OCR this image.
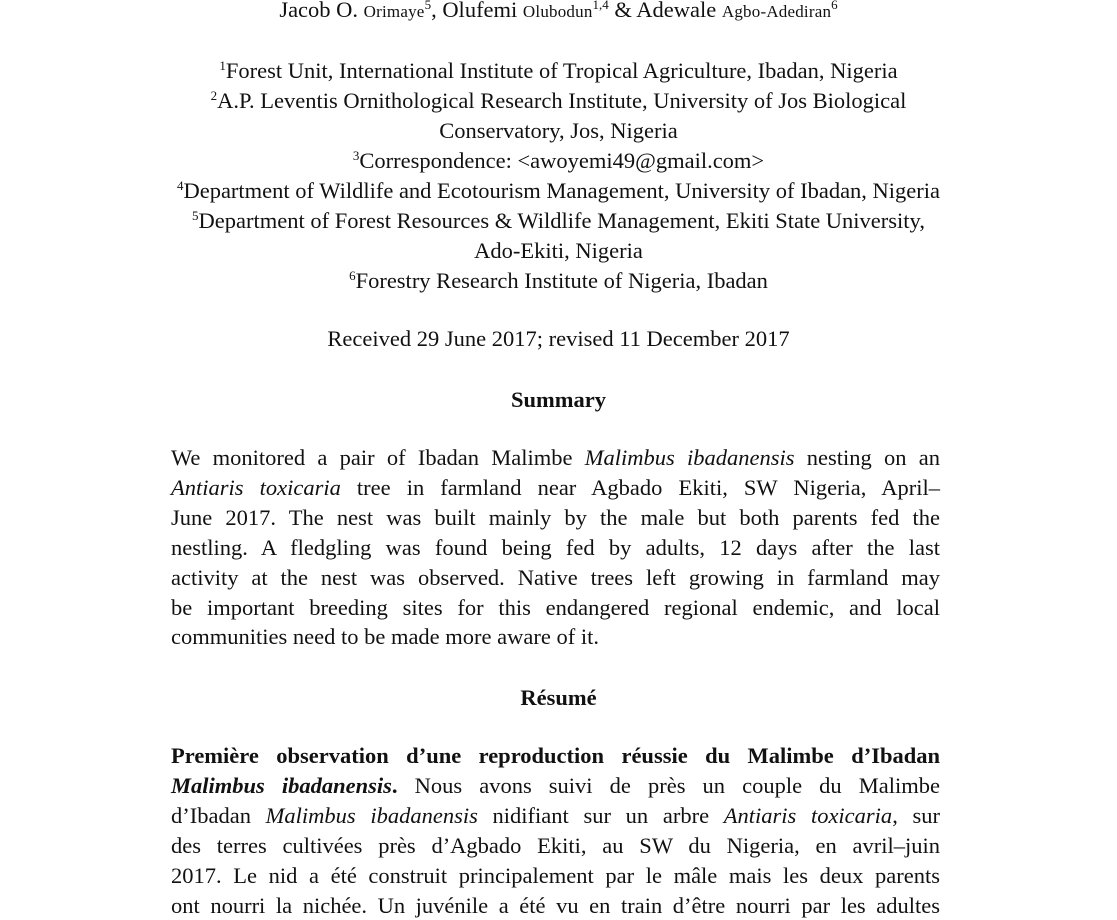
Jacob O. Orimaye$^5$, Olufemi Olubodun$^{1,4}$ & Adewale Agbo-Adediran$^6$
$^1$Forest Unit, International Institute of Tropical Agriculture, Ibadan, Nigeria
$^2$A.P. Leventis Ornithological Research Institute, University of Jos Biological
Conservatory, Jos, Nigeria
$^3$Correspondence: <awoyemi49@gmail.com>
$^4$Department of Wildlife and Ecotourism Management, University of Ibadan, Nigeria
$^5$Department of Forest Resources & Wildlife Management, Ekiti State University,
Ado-Ekiti, Nigeria
$^6$Forestry Research Institute of Nigeria, Ibadan
Received 29 June 2017; revised 11 December 2017
Summary
We monitored a pair of Ibadan Malimbe Malimbus ibadanensis nesting on an
Antiaris toxicaria tree in farmland near Agbado Ekiti, SW Nigeria, April–
June 2017. The nest was built mainly by the male but both parents fed the
nestling. A fledgling was found being fed by adults, 12 days after the last
activity at the nest was observed. Native trees left growing in farmland may
be important breeding sites for this endangered regional endemic, and local
communities need to be made more aware of it.
Résumé
Première observation d’une reproduction réussie du Malimbe d’Ibadan
Malimbus ibadanensis. Nous avons suivi de près un couple du Malimbe
d’Ibadan Malimbus ibadanensis nidifiant sur un arbre Antiaris toxicaria, sur
des terres cultivées près d’Agbado Ekiti, au SW du Nigeria, en avril–juin
2017. Le nid a été construit principalement par le mâle mais les deux parents
ont nourri la nichée. Un juvénile a été vu en train d’être nourri par les adultes
